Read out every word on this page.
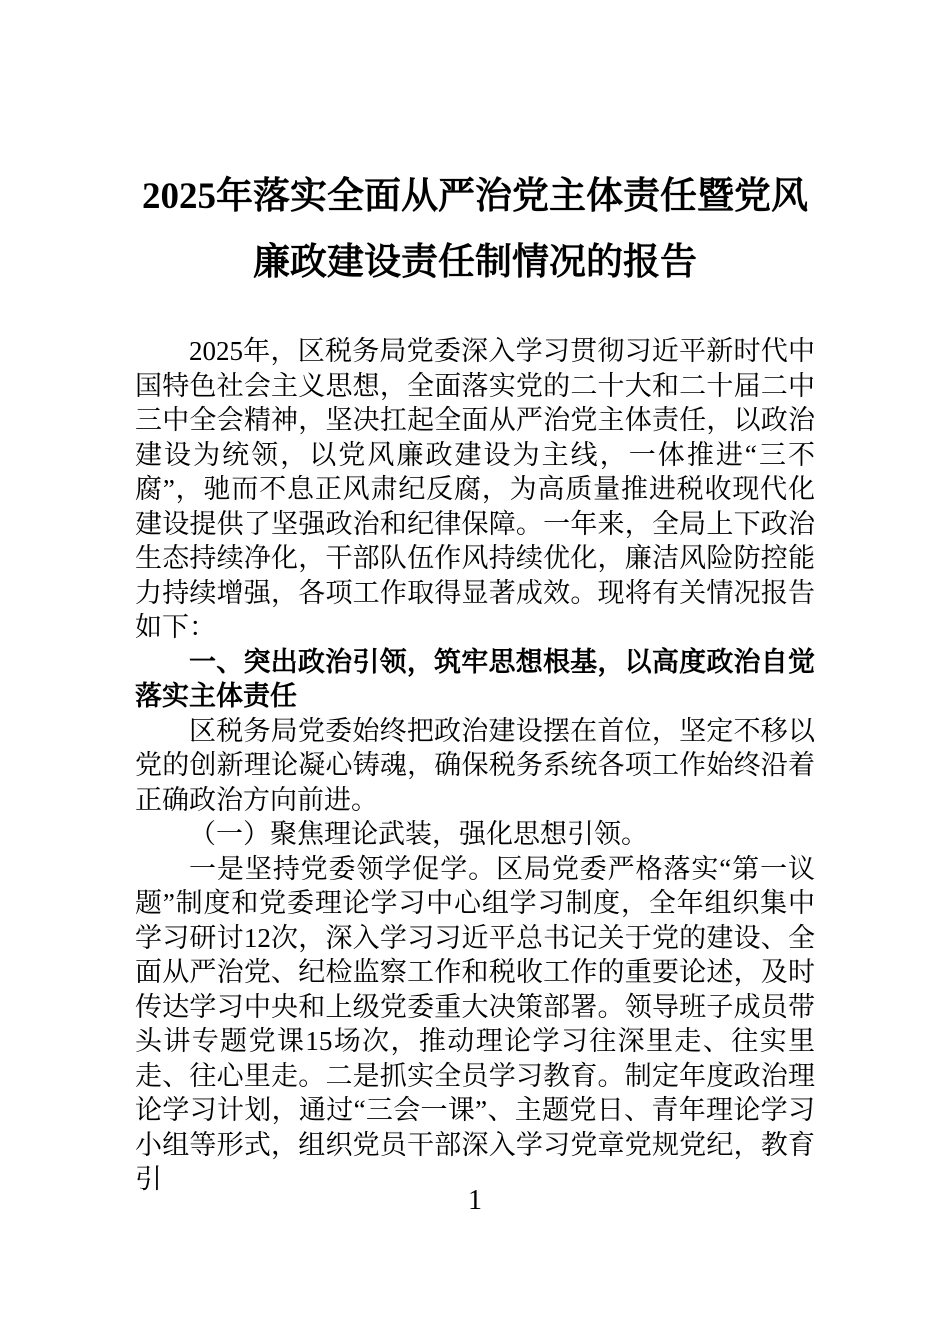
2025年落实全面从严治党主体责任暨党风廉政建设责任制情况的报告

2025年，区税务局党委深入学习贯彻习近平新时代中国特色社会主义思想，全面落实党的二十大和二十届二中三中全会精神，坚决扛起全面从严治党主体责任，以政治建设为统领，以党风廉政建设为主线，一体推进“三不腐”，驰而不息正风肃纪反腐，为高质量推进税收现代化建设提供了坚强政治和纪律保障。一年来，全局上下政治生态持续净化，干部队伍作风持续优化，廉洁风险防控能力持续增强，各项工作取得显著成效。现将有关情况报告如下：

一、突出政治引领，筑牢思想根基，以高度政治自觉落实主体责任

区税务局党委始终把政治建设摆在首位，坚定不移以党的创新理论凝心铸魂，确保税务系统各项工作始终沿着正确政治方向前进。

（一）聚焦理论武装，强化思想引领。

一是坚持党委领学促学。区局党委严格落实“第一议题”制度和党委理论学习中心组学习制度，全年组织集中学习研讨12次，深入学习习近平总书记关于党的建设、全面从严治党、纪检监察工作和税收工作的重要论述，及时传达学习中央和上级党委重大决策部署。领导班子成员带头讲专题党课15场次，推动理论学习往深里走、往实里走、往心里走。二是抓实全员学习教育。制定年度政治理论学习计划，通过“三会一课”、主题党日、青年理论学习小组等形式，组织党员干部深入学习党章党规党纪，教育引

1
